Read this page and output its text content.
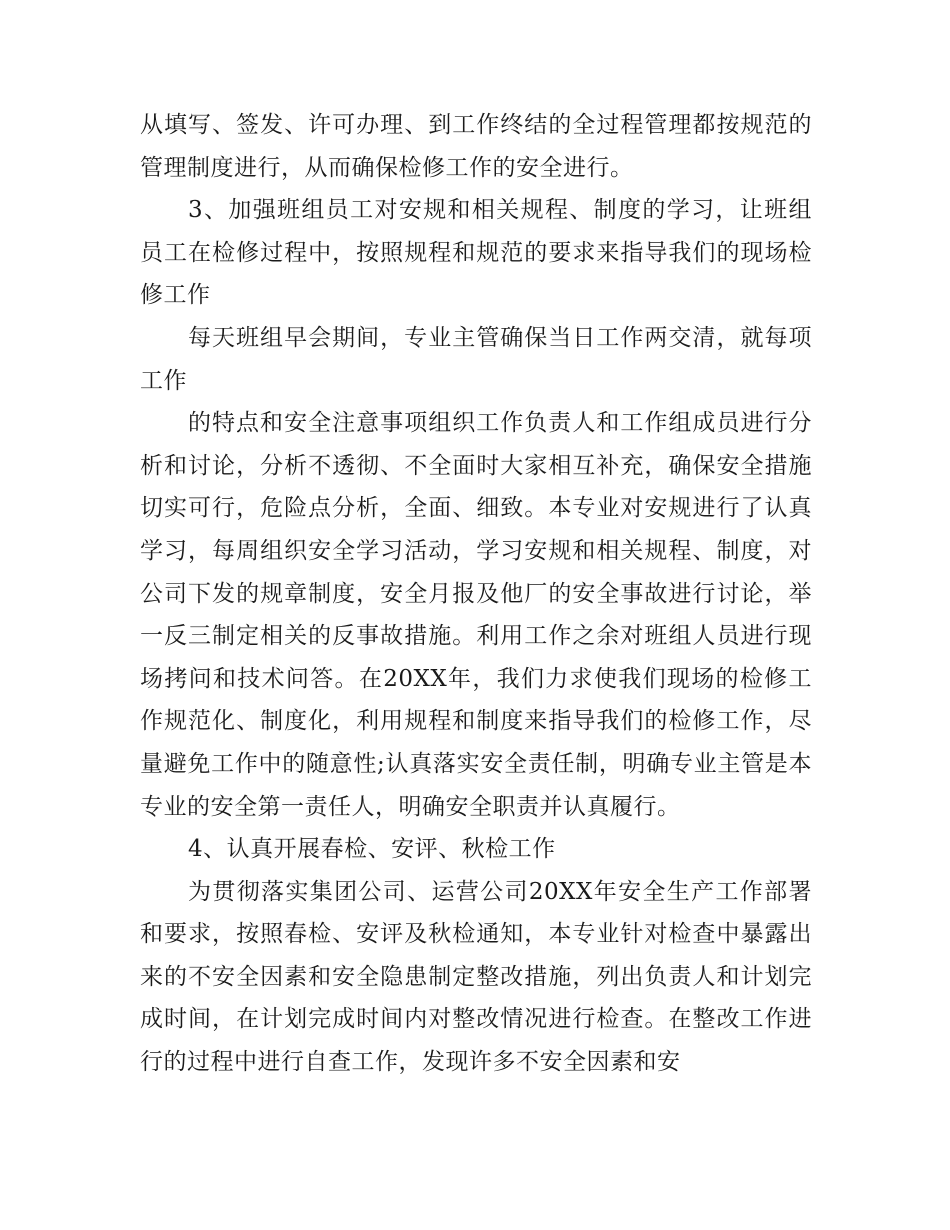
从填写、签发、许可办理、到工作终结的全过程管理都按规范的管理制度进行，从而确保检修工作的安全进行。

3、加强班组员工对安规和相关规程、制度的学习，让班组员工在检修过程中，按照规程和规范的要求来指导我们的现场检修工作

每天班组早会期间，专业主管确保当日工作两交清，就每项工作

的特点和安全注意事项组织工作负责人和工作组成员进行分析和讨论，分析不透彻、不全面时大家相互补充，确保安全措施切实可行，危险点分析，全面、细致。本专业对安规进行了认真学习，每周组织安全学习活动，学习安规和相关规程、制度，对公司下发的规章制度，安全月报及他厂的安全事故进行讨论，举一反三制定相关的反事故措施。利用工作之余对班组人员进行现场拷问和技术问答。在20XX年，我们力求使我们现场的检修工作规范化、制度化，利用规程和制度来指导我们的检修工作，尽量避免工作中的随意性;认真落实安全责任制，明确专业主管是本专业的安全第一责任人，明确安全职责并认真履行。

4、认真开展春检、安评、秋检工作

为贯彻落实集团公司、运营公司20XX年安全生产工作部署和要求，按照春检、安评及秋检通知，本专业针对检查中暴露出来的不安全因素和安全隐患制定整改措施，列出负责人和计划完成时间，在计划完成时间内对整改情况进行检查。在整改工作进行的过程中进行自查工作，发现许多不安全因素和安
